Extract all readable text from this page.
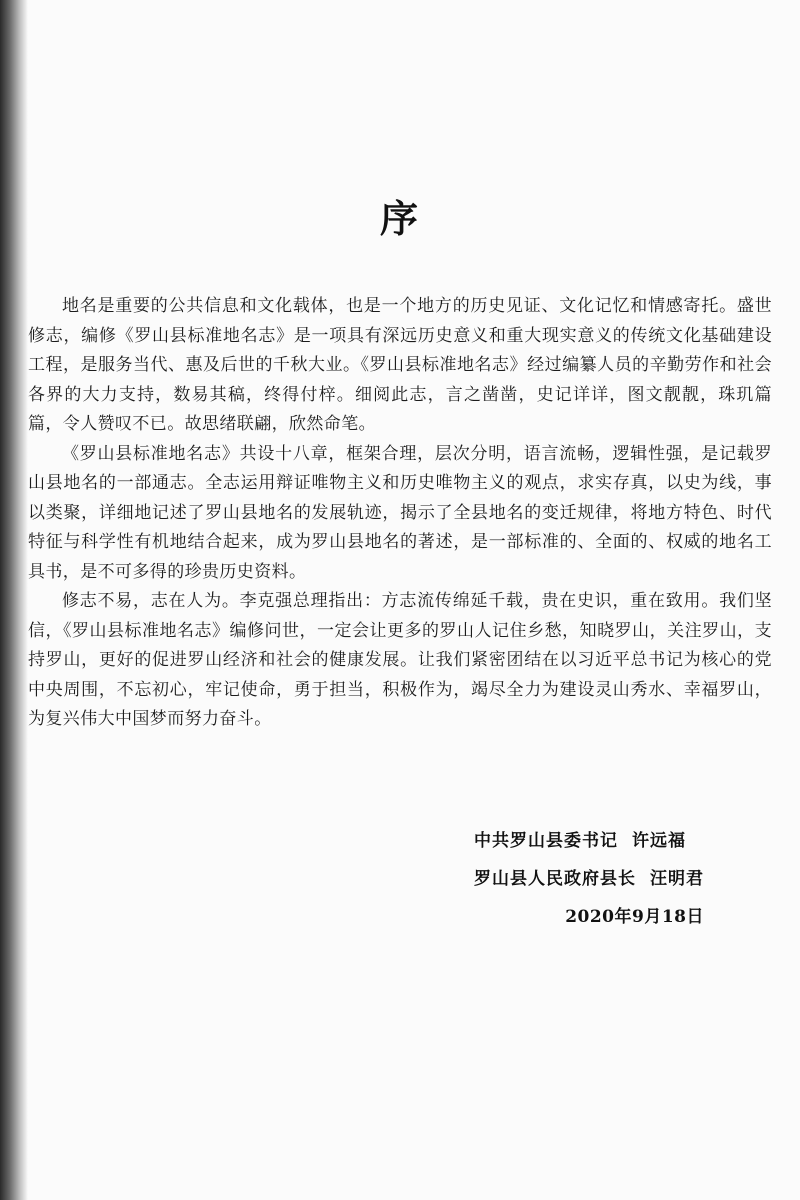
序

地名是重要的公共信息和文化载体，也是一个地方的历史见证、文化记忆和情感寄托。盛世修志，编修《罗山县标准地名志》是一项具有深远历史意义和重大现实意义的传统文化基础建设工程，是服务当代、惠及后世的千秋大业。《罗山县标准地名志》经过编纂人员的辛勤劳作和社会各界的大力支持，数易其稿，终得付梓。细阅此志，言之凿凿，史记详详，图文靓靓，珠玑篇篇，令人赞叹不已。故思绪联翩，欣然命笔。

《罗山县标准地名志》共设十八章，框架合理，层次分明，语言流畅，逻辑性强，是记载罗山县地名的一部通志。全志运用辩证唯物主义和历史唯物主义的观点，求实存真，以史为线，事以类聚，详细地记述了罗山县地名的发展轨迹，揭示了全县地名的变迁规律，将地方特色、时代特征与科学性有机地结合起来，成为罗山县地名的著述，是一部标准的、全面的、权威的地名工具书，是不可多得的珍贵历史资料。

修志不易，志在人为。李克强总理指出：方志流传绵延千载，贵在史识，重在致用。我们坚信，《罗山县标准地名志》编修问世，一定会让更多的罗山人记住乡愁，知晓罗山，关注罗山，支持罗山，更好的促进罗山经济和社会的健康发展。让我们紧密团结在以习近平总书记为核心的党中央周围，不忘初心，牢记使命，勇于担当，积极作为，竭尽全力为建设灵山秀水、幸福罗山，为复兴伟大中国梦而努力奋斗。

中共罗山县委书记 许远福
罗山县人民政府县长 汪明君
2020年9月18日
